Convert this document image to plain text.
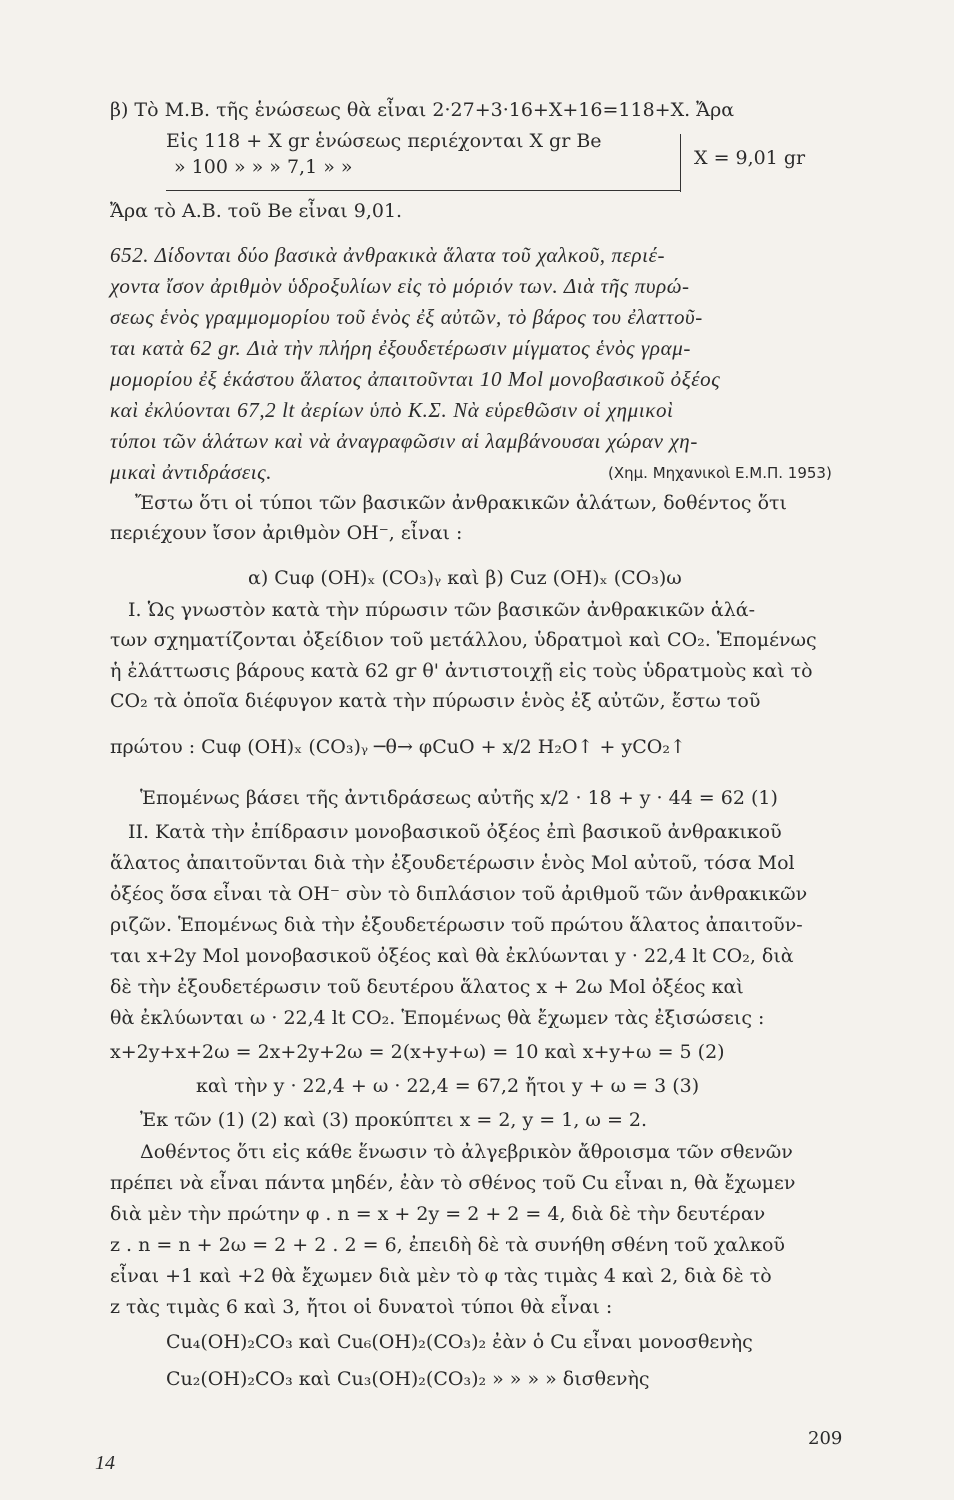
β) Τὸ Μ.Β. τῆς ἑνώσεως θὰ εἶναι 2·27+3·16+X+16=118+X. Ἄρα
Εἰς 118 + X gr ἑνώσεως περιέχονται X gr Be
» 100 » » » 7,1 » »	X = 9,01 gr
Ἄρα τὸ Α.Β. τοῦ Be εἶναι 9,01.
652. Δίδονται δύο βασικὰ ἀνθρακικὰ ἅλατα τοῦ χαλκοῦ, περιέ-
χοντα ἴσον ἀριθμὸν ὑδροξυλίων εἰς τὸ μόριόν των. Διὰ τῆς πυρώ-
σεως ἑνὸς γραμμομορίου τοῦ ἑνὸς ἐξ αὐτῶν, τὸ βάρος του ἐλαττοῦ-
ται κατὰ 62 gr. Διὰ τὴν πλήρη ἐξουδετέρωσιν μίγματος ἑνὸς γραμ-
μομορίου ἐξ ἑκάστου ἅλατος ἀπαιτοῦνται 10 Mol μονοβασικοῦ ὀξέος
καὶ ἐκλύονται 67,2 lt ἀερίων ὑπὸ Κ.Σ. Νὰ εὑρεθῶσιν οἱ χημικοὶ
τύποι τῶν ἁλάτων καὶ νὰ ἀναγραφῶσιν αἱ λαμβάνουσαι χώραν χη-
μικαὶ ἀντιδράσεις.	(Χημ. Μηχανικοὶ Ε.Μ.Π. 1953)
Ἔστω ὅτι οἱ τύποι τῶν βασικῶν ἀνθρακικῶν ἁλάτων, δοθέντος ὅτι
περιέχουν ἴσον ἀριθμὸν OH⁻, εἶναι :
α) Cuφ (OH)ₓ (CO₃)ᵧ καὶ β) Cuz (OH)ₓ (CO₃)ω
Ι. Ὡς γνωστὸν κατὰ τὴν πύρωσιν τῶν βασικῶν ἀνθρακικῶν ἁλά-
των σχηματίζονται ὀξείδιον τοῦ μετάλλου, ὑδρατμοὶ καὶ CO₂. Ἑπομένως
ἡ ἐλάττωσις βάρους κατὰ 62 gr θ' ἀντιστοιχῇ εἰς τοὺς ὑδρατμοὺς καὶ τὸ
CO₂ τὰ ὁποῖα διέφυγον κατὰ τὴν πύρωσιν ἑνὸς ἐξ αὐτῶν, ἔστω τοῦ
πρώτου : Cuφ (OH)ₓ (CO₃)ᵧ ─θ→ φCuO + x/2 H₂O↑ + yCO₂↑
Ἑπομένως βάσει τῆς ἀντιδράσεως αὐτῆς x/2 · 18 + y · 44 = 62 (1)
ΙΙ. Κατὰ τὴν ἐπίδρασιν μονοβασικοῦ ὀξέος ἐπὶ βασικοῦ ἀνθρακικοῦ
ἅλατος ἀπαιτοῦνται διὰ τὴν ἐξουδετέρωσιν ἑνὸς Mol αὐτοῦ, τόσα Mol
ὀξέος ὅσα εἶναι τὰ OH⁻ σὺν τὸ διπλάσιον τοῦ ἀριθμοῦ τῶν ἀνθρακικῶν
ριζῶν. Ἑπομένως διὰ τὴν ἐξουδετέρωσιν τοῦ πρώτου ἅλατος ἀπαιτοῦν-
ται x+2y Mol μονοβασικοῦ ὀξέος καὶ θὰ ἐκλύωνται y · 22,4 lt CO₂, διὰ
δὲ τὴν ἐξουδετέρωσιν τοῦ δευτέρου ἅλατος x + 2ω Mol ὀξέος καὶ
θὰ ἐκλύωνται ω · 22,4 lt CO₂. Ἑπομένως θὰ ἔχωμεν τὰς ἐξισώσεις :
x+2y+x+2ω = 2x+2y+2ω = 2(x+y+ω) = 10 καὶ x+y+ω = 5 (2)
καὶ τὴν y · 22,4 + ω · 22,4 = 67,2 ἤτοι y + ω = 3 (3)
Ἐκ τῶν (1) (2) καὶ (3) προκύπτει x = 2, y = 1, ω = 2.
Δοθέντος ὅτι εἰς κάθε ἕνωσιν τὸ ἀλγεβρικὸν ἄθροισμα τῶν σθενῶν
πρέπει νὰ εἶναι πάντα μηδέν, ἐὰν τὸ σθένος τοῦ Cu εἶναι n, θὰ ἔχωμεν
διὰ μὲν τὴν πρώτην φ . n = x + 2y = 2 + 2 = 4, διὰ δὲ τὴν δευτέραν
z . n = n + 2ω = 2 + 2 . 2 = 6, ἐπειδὴ δὲ τὰ συνήθη σθένη τοῦ χαλκοῦ
εἶναι +1 καὶ +2 θὰ ἔχωμεν διὰ μὲν τὸ φ τὰς τιμὰς 4 καὶ 2, διὰ δὲ τὸ
z τὰς τιμὰς 6 καὶ 3, ἤτοι οἱ δυνατοὶ τύποι θὰ εἶναι :
Cu₄(OH)₂CO₃ καὶ Cu₆(OH)₂(CO₃)₂ ἐὰν ὁ Cu εἶναι μονοσθενὴς
Cu₂(OH)₂CO₃ καὶ Cu₃(OH)₂(CO₃)₂ » » » » δισθενὴς
14
209
